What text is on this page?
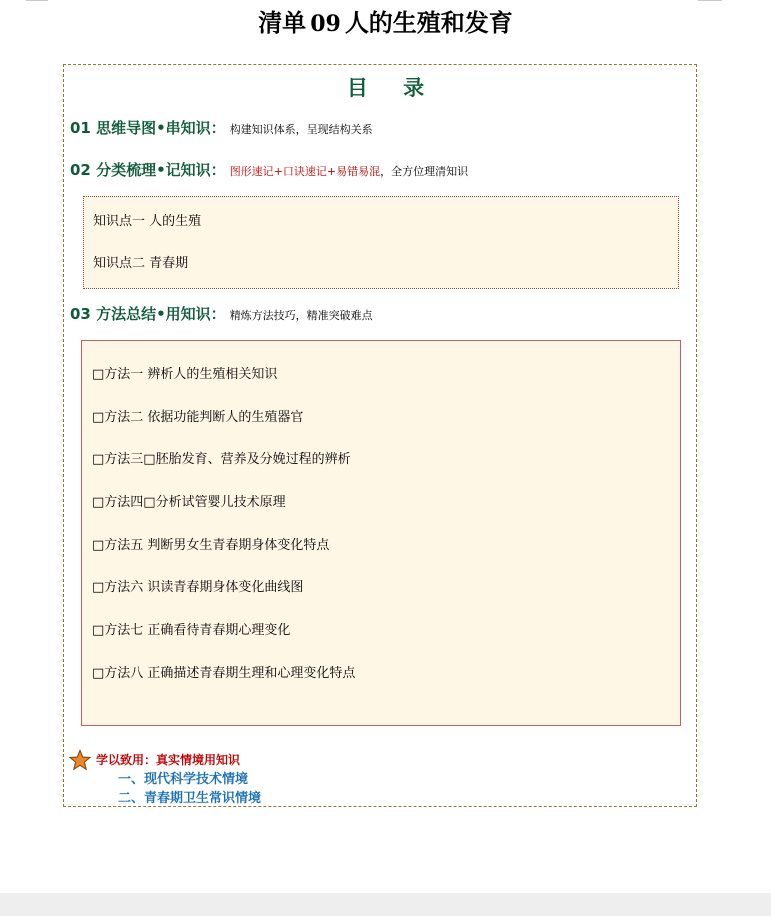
清单 09 人的生殖和发育
目 录
01 思维导图•串知识： 构建知识体系，呈现结构关系
02 分类梳理•记知识： 图形速记+口诀速记+易错易混，全方位理清知识
知识点一 人的生殖
知识点二 青春期
03 方法总结•用知识： 精炼方法技巧，精准突破难点
□方法一 辨析人的生殖相关知识
□方法二 依据功能判断人的生殖器官
□方法三□胚胎发育、营养及分娩过程的辨析
□方法四□分析试管婴儿技术原理
□方法五 判断男女生青春期身体变化特点
□方法六 识读青春期身体变化曲线图
□方法七 正确看待青春期心理变化
□方法八 正确描述青春期生理和心理变化特点
学以致用：真实情境用知识
一、现代科学技术情境
二、青春期卫生常识情境
